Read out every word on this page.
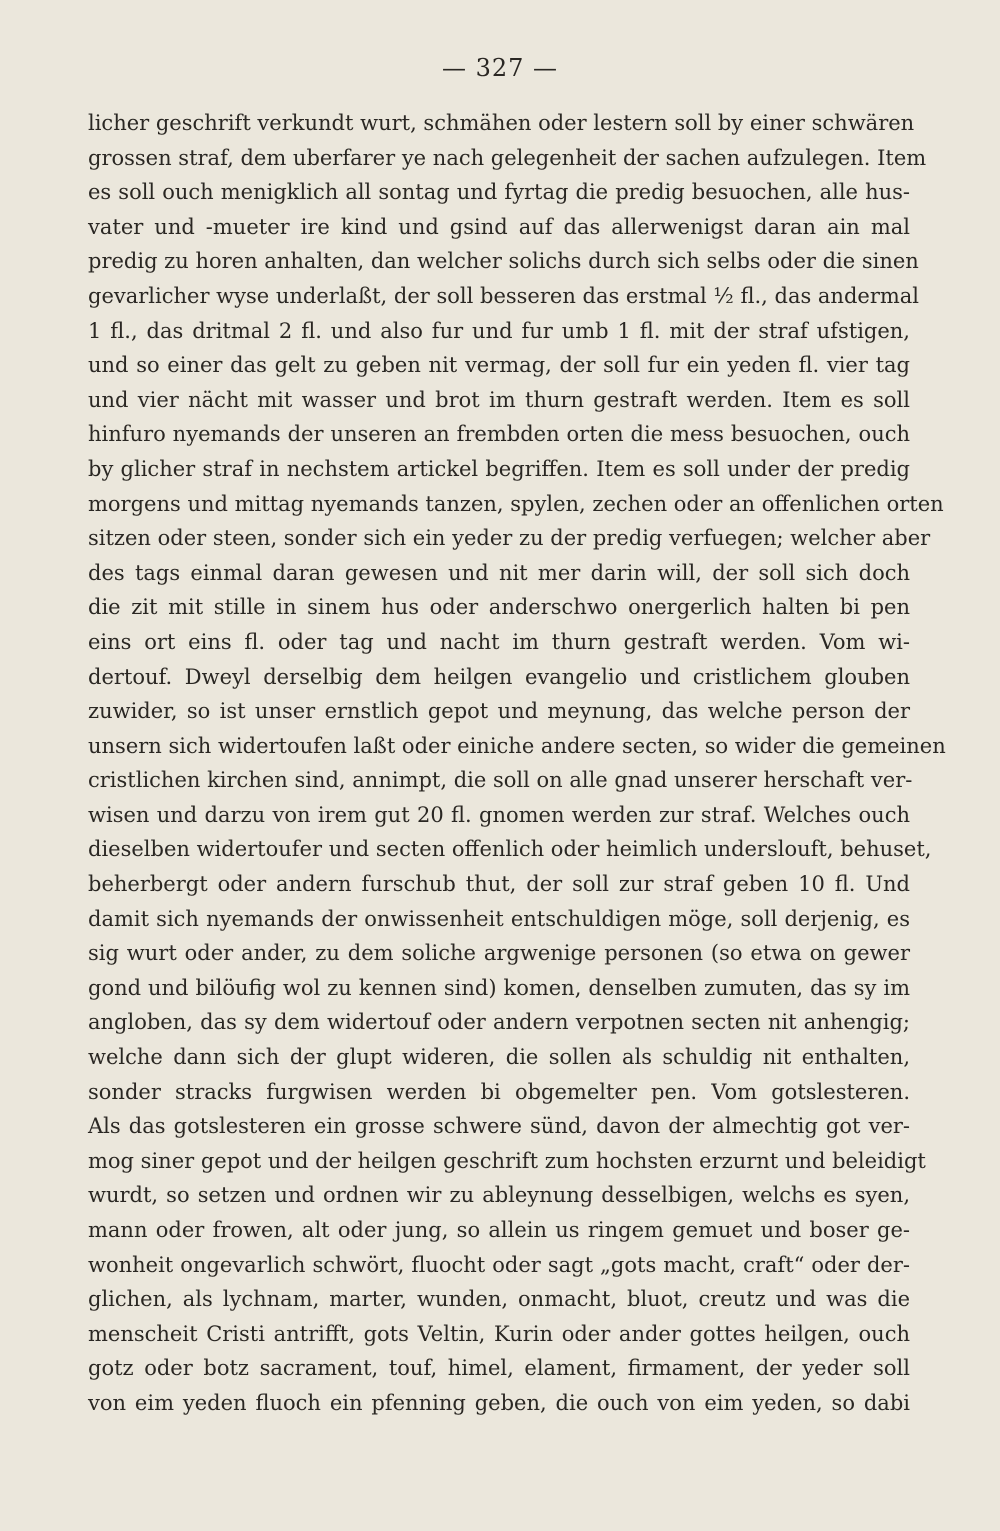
— 327 —
licher geschrift verkundt wurt, schmähen oder lestern soll by einer schwären
grossen straf, dem uberfarer ye nach gelegenheit der sachen aufzulegen. Item
es soll ouch menigklich all sontag und fyrtag die predig besuochen, alle hus-
vater und -mueter ire kind und gsind auf das allerwenigst daran ain mal
predig zu horen anhalten, dan welcher solichs durch sich selbs oder die sinen
gevarlicher wyse underlaßt, der soll besseren das erstmal ½ fl., das andermal
1 fl., das dritmal 2 fl. und also fur und fur umb 1 fl. mit der straf ufstigen,
und so einer das gelt zu geben nit vermag, der soll fur ein yeden fl. vier tag
und vier nächt mit wasser und brot im thurn gestraft werden. Item es soll
hinfuro nyemands der unseren an frembden orten die mess besuochen, ouch
by glicher straf in nechstem artickel begriffen. Item es soll under der predig
morgens und mittag nyemands tanzen, spylen, zechen oder an offenlichen orten
sitzen oder steen, sonder sich ein yeder zu der predig verfuegen; welcher aber
des tags einmal daran gewesen und nit mer darin will, der soll sich doch
die zit mit stille in sinem hus oder anderschwo onergerlich halten bi pen
eins ort eins fl. oder tag und nacht im thurn gestraft werden. Vom wi-
dertouf. Dweyl derselbig dem heilgen evangelio und cristlichem glouben
zuwider, so ist unser ernstlich gepot und meynung, das welche person der
unsern sich widertoufen laßt oder einiche andere secten, so wider die gemeinen
cristlichen kirchen sind, annimpt, die soll on alle gnad unserer herschaft ver-
wisen und darzu von irem gut 20 fl. gnomen werden zur straf. Welches ouch
dieselben widertoufer und secten offenlich oder heimlich underslouft, behuset,
beherbergt oder andern furschub thut, der soll zur straf geben 10 fl. Und
damit sich nyemands der onwissenheit entschuldigen möge, soll derjenig, es
sig wurt oder ander, zu dem soliche argwenige personen (so etwa on gewer
gond und bilöufig wol zu kennen sind) komen, denselben zumuten, das sy im
angloben, das sy dem widertouf oder andern verpotnen secten nit anhengig;
welche dann sich der glupt wideren, die sollen als schuldig nit enthalten,
sonder stracks furgwisen werden bi obgemelter pen. Vom gotslesteren.
Als das gotslesteren ein grosse schwere sünd, davon der almechtig got ver-
mog siner gepot und der heilgen geschrift zum hochsten erzurnt und beleidigt
wurdt, so setzen und ordnen wir zu ableynung desselbigen, welchs es syen,
mann oder frowen, alt oder jung, so allein us ringem gemuet und boser ge-
wonheit ongevarlich schwört, fluocht oder sagt „gots macht, craft“ oder der-
glichen, als lychnam, marter, wunden, onmacht, bluot, creutz und was die
menscheit Cristi antrifft, gots Veltin, Kurin oder ander gottes heilgen, ouch
gotz oder botz sacrament, touf, himel, elament, firmament, der yeder soll
von eim yeden fluoch ein pfenning geben, die ouch von eim yeden, so dabi
